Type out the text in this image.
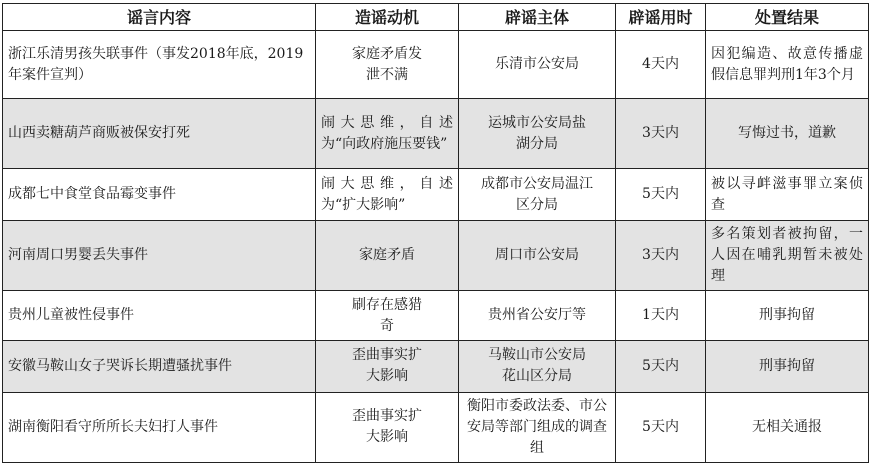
谣言内容	造谣动机	辟谣主体	辟谣用时	处置结果
浙江乐清男孩失联事件（事发2018年底，2019年案件宣判）	家庭矛盾发泄不满	乐清市公安局	4天内	因犯编造、故意传播虚假信息罪判刑1年3个月
山西卖糖葫芦商贩被保安打死	闹大思维，自述为“向政府施压要钱”	运城市公安局盐湖分局	3天内	写悔过书，道歉
成都七中食堂食品霉变事件	闹大思维，自述为“扩大影响”	成都市公安局温江区分局	5天内	被以寻衅滋事罪立案侦查
河南周口男婴丢失事件	家庭矛盾	周口市公安局	3天内	多名策划者被拘留，一人因在哺乳期暂未被处理
贵州儿童被性侵事件	刷存在感猎奇	贵州省公安厅等	1天内	刑事拘留
安徽马鞍山女子哭诉长期遭骚扰事件	歪曲事实扩大影响	马鞍山市公安局花山区分局	5天内	刑事拘留
湖南衡阳看守所所长夫妇打人事件	歪曲事实扩大影响	衡阳市委政法委、市公安局等部门组成的调查组	5天内	无相关通报
